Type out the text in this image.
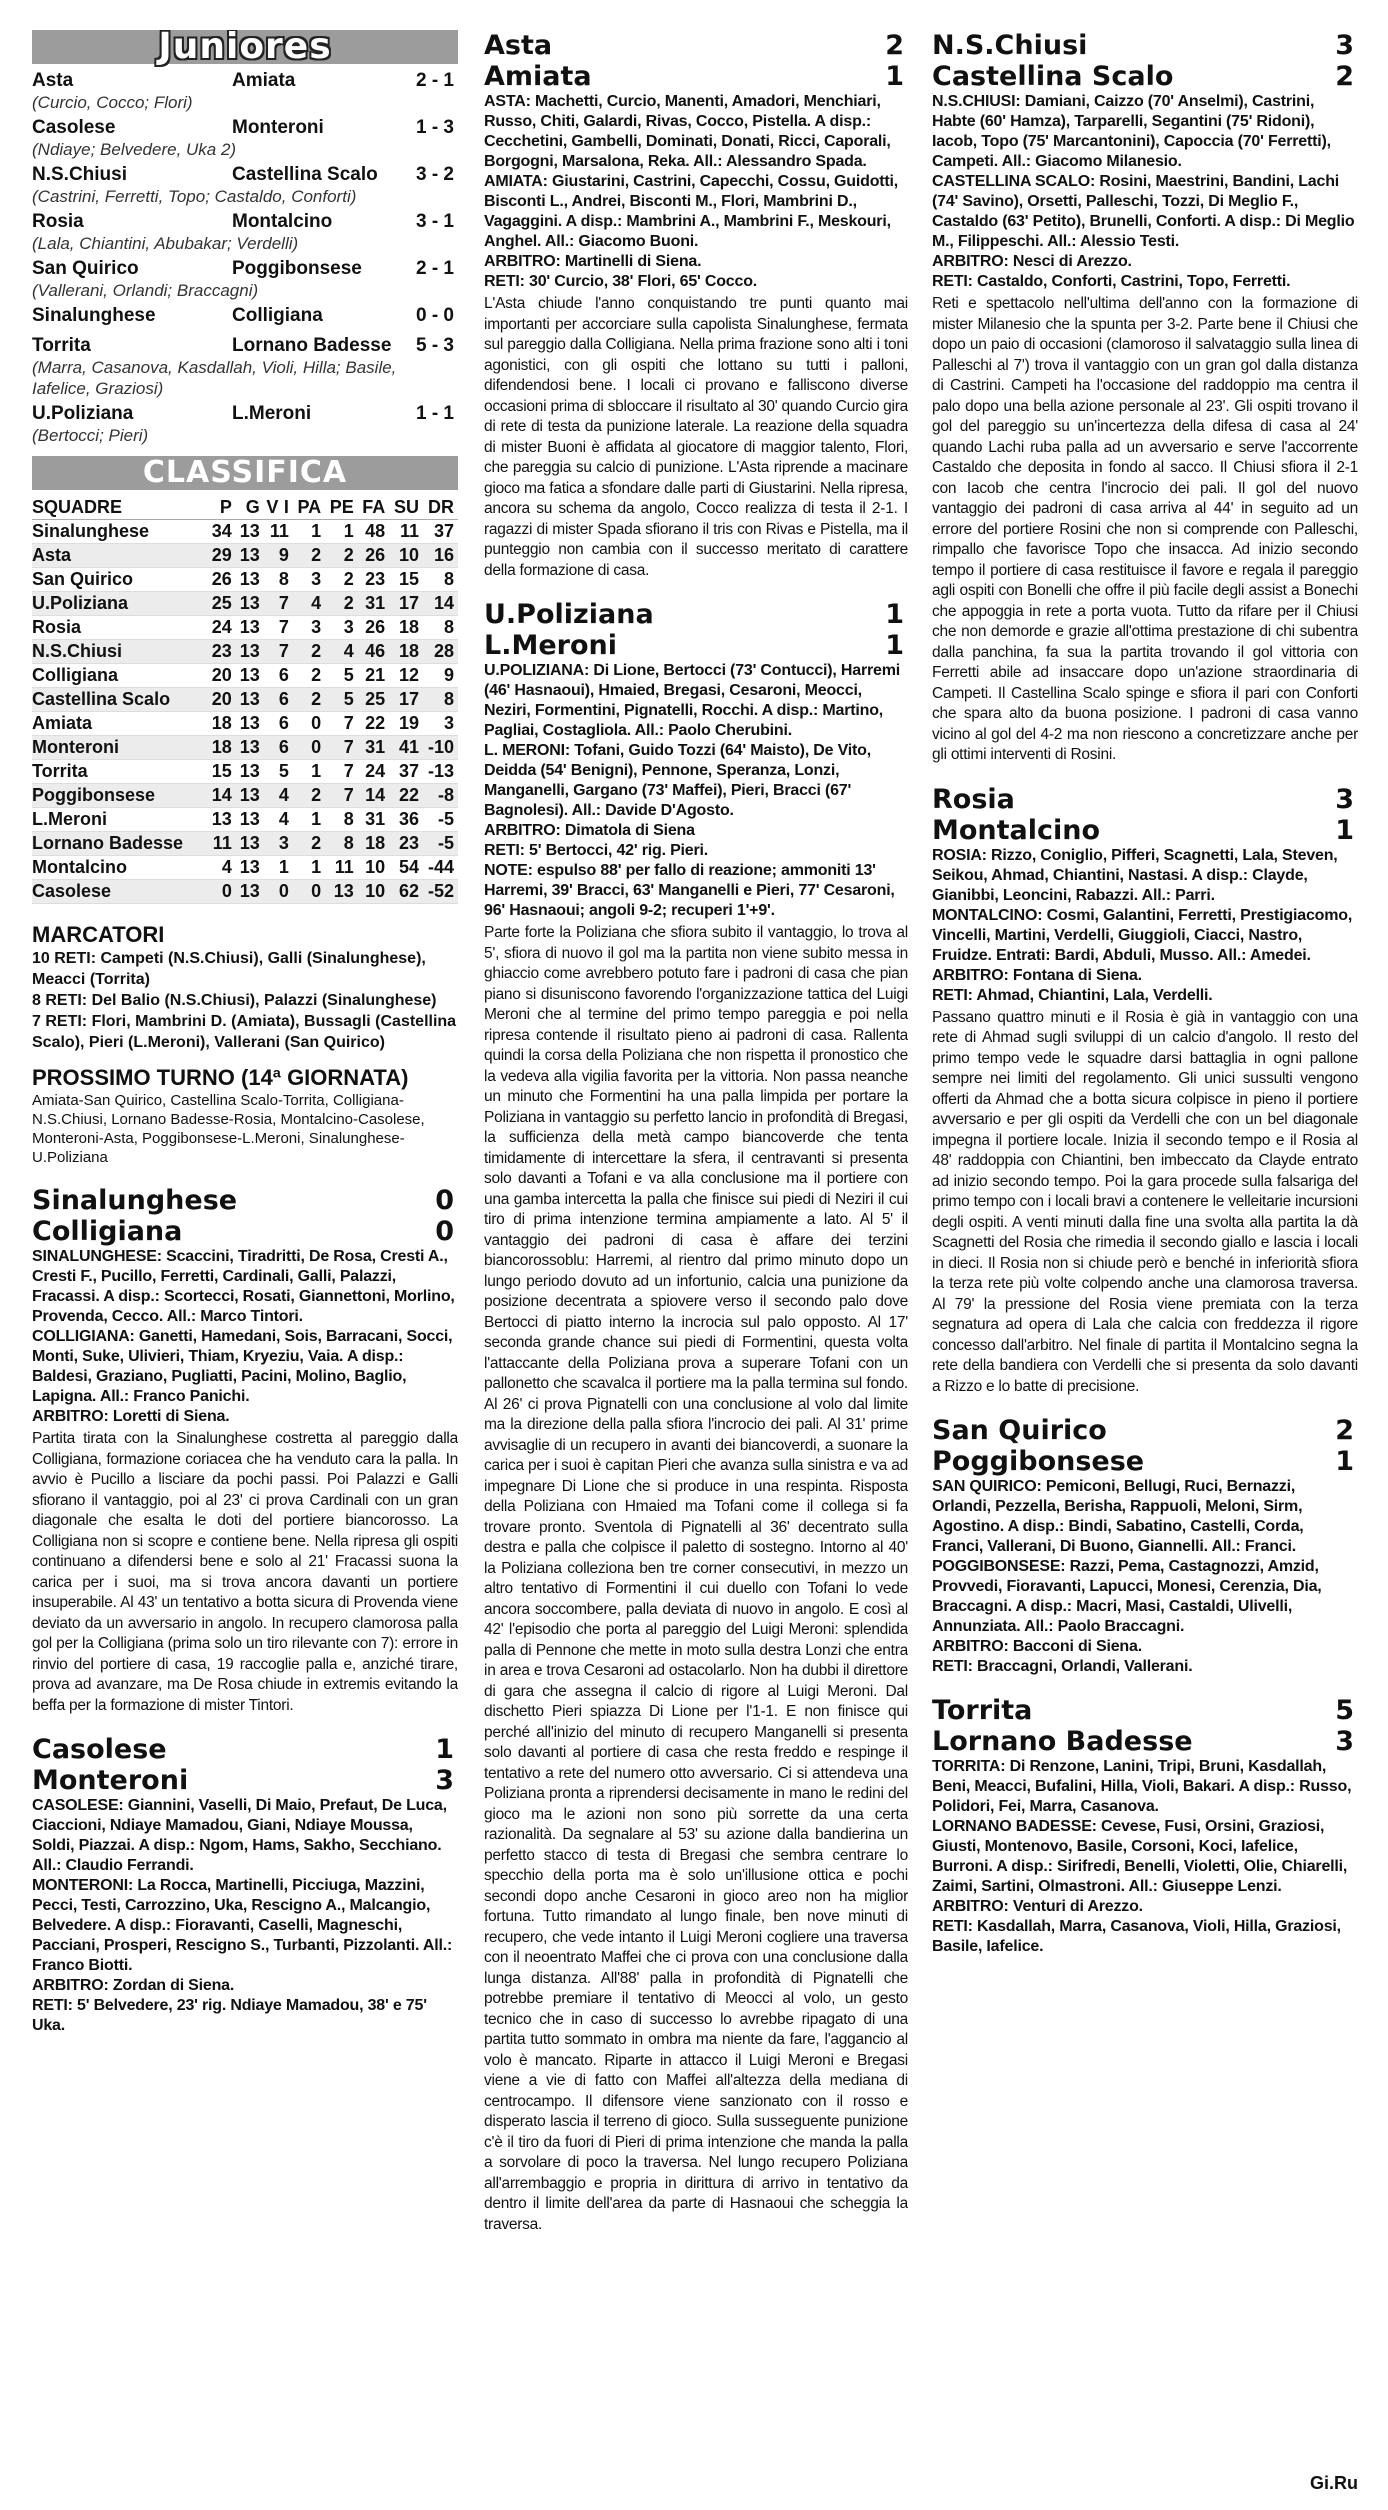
Juniores
Asta	Amiata	2 - 1
(Curcio, Cocco; Flori)
Casolese	Monteroni	1 - 3
(Ndiaye; Belvedere, Uka 2)
N.S.Chiusi	Castellina Scalo 3 - 2
(Castrini, Ferretti, Topo; Castaldo, Conforti)
Rosia	Montalcino	3 - 1
(Lala, Chiantini, Abubakar; Verdelli)
San Quirico	Poggibonsese	2 - 1
(Vallerani, Orlandi; Braccagni)
Sinalunghese	Colligiana	0 - 0
Torrita	Lornano Badesse 5 - 3
(Marra, Casanova, Kasdallah, Violi, Hilla; Basile, Iafelice, Graziosi)
U.Poliziana	L.Meroni	1 - 1
(Bertocci; Pieri)
CLASSIFICA
SQUADRE	P	G	V	I	PA	PE	FA	SU	DR
Sinalunghese	34	13	11		1	1	48	11	37
Asta	29	13	9		2	2	26	10	16
San Quirico	26	13	8		3	2	23	15	8
U.Poliziana	25	13	7		4	2	31	17	14
Rosia	24	13	7		3	3	26	18	8
N.S.Chiusi	23	13	7		2	4	46	18	28
Colligiana	20	13	6		2	5	21	12	9
Castellina Scalo	20	13	6		2	5	25	17	8
Amiata	18	13	6		0	7	22	19	3
Monteroni	18	13	6		0	7	31	41	-10
Torrita	15	13	5		1	7	24	37	-13
Poggibonsese	14	13	4		2	7	14	22	-8
L.Meroni	13	13	4		1	8	31	36	-5
Lornano Badesse	11	13	3		2	8	18	23	-5
Montalcino	4	13	1		1	11	10	54	-44
Casolese	0	13	0		0	13	10	62	-52
MARCATORI
10 RETI: Campeti (N.S.Chiusi), Galli (Sinalunghese), Meacci (Torrita)
8 RETI: Del Balio (N.S.Chiusi), Palazzi (Sinalunghese)
7 RETI: Flori, Mambrini D. (Amiata), Bussagli (Castellina Scalo), Pieri (L.Meroni), Vallerani (San Quirico)
PROSSIMO TURNO (14ª GIORNATA)
Amiata-San Quirico, Castellina Scalo-Torrita, Colligiana-N.S.Chiusi, Lornano Badesse-Rosia, Montalcino-Casolese, Monteroni-Asta, Poggibonsese-L.Meroni, Sinalunghese-U.Poliziana
Sinalunghese	0
Colligiana	0
SINALUNGHESE: Scaccini, Tiradritti, De Rosa, Cresti A., Cresti F., Pucillo, Ferretti, Cardinali, Galli, Palazzi, Fracassi. A disp.: Scortecci, Rosati, Giannettoni, Morlino, Provenda, Cecco. All.: Marco Tintori.
COLLIGIANA: Ganetti, Hamedani, Sois, Barracani, Socci, Monti, Suke, Ulivieri, Thiam, Kryeziu, Vaia. A disp.: Baldesi, Graziano, Pugliatti, Pacini, Molino, Baglio, Lapigna. All.: Franco Panichi.
ARBITRO: Loretti di Siena.
Partita tirata con la Sinalunghese costretta al pareggio dalla Colligiana, formazione coriacea che ha venduto cara la palla. In avvio è Pucillo a lisciare da pochi passi. Poi Palazzi e Galli sfiorano il vantaggio, poi al 23' ci prova Cardinali con un gran diagonale che esalta le doti del portiere biancorosso. La Colligiana non si scopre e contiene bene. Nella ripresa gli ospiti continuano a difendersi bene e solo al 21' Fracassi suona la carica per i suoi, ma si trova ancora davanti un portiere insuperabile. Al 43' un tentativo a botta sicura di Provenda viene deviato da un avversario in angolo. In recupero clamorosa palla gol per la Colligiana (prima solo un tiro rilevante con 7): errore in rinvio del portiere di casa, 19 raccoglie palla e, anziché tirare, prova ad avanzare, ma De Rosa chiude in extremis evitando la beffa per la formazione di mister Tintori.
Casolese	1
Monteroni	3
CASOLESE: Giannini, Vaselli, Di Maio, Prefaut, De Luca, Ciaccioni, Ndiaye Mamadou, Giani, Ndiaye Moussa, Soldi, Piazzai. A disp.: Ngom, Hams, Sakho, Secchiano. All.: Claudio Ferrandi.
MONTERONI: La Rocca, Martinelli, Picciuga, Mazzini, Pecci, Testi, Carrozzino, Uka, Rescigno A., Malcangio, Belvedere. A disp.: Fioravanti, Caselli, Magneschi, Pacciani, Prosperi, Rescigno S., Turbanti, Pizzolanti. All.: Franco Biotti.
ARBITRO: Zordan di Siena.
RETI: 5' Belvedere, 23' rig. Ndiaye Mamadou, 38' e 75' Uka.
Asta	2
Amiata	1
ASTA: Machetti, Curcio, Manenti, Amadori, Menchiari, Russo, Chiti, Galardi, Rivas, Cocco, Pistella. A disp.: Cecchetini, Gambelli, Dominati, Donati, Ricci, Caporali, Borgogni, Marsalona, Reka. All.: Alessandro Spada.
AMIATA: Giustarini, Castrini, Capecchi, Cossu, Guidotti, Bisconti L., Andrei, Bisconti M., Flori, Mambrini D., Vagaggini. A disp.: Mambrini A., Mambrini F., Meskouri, Anghel. All.: Giacomo Buoni.
ARBITRO: Martinelli di Siena.
RETI: 30' Curcio, 38' Flori, 65' Cocco.
L'Asta chiude l'anno conquistando tre punti quanto mai importanti per accorciare sulla capolista Sinalunghese, fermata sul pareggio dalla Colligiana. Nella prima frazione sono alti i toni agonistici, con gli ospiti che lottano su tutti i palloni, difendendosi bene. I locali ci provano e falliscono diverse occasioni prima di sbloccare il risultato al 30' quando Curcio gira di rete di testa da punizione laterale. La reazione della squadra di mister Buoni è affidata al giocatore di maggior talento, Flori, che pareggia su calcio di punizione. L'Asta riprende a macinare gioco ma fatica a sfondare dalle parti di Giustarini. Nella ripresa, ancora su schema da angolo, Cocco realizza di testa il 2-1. I ragazzi di mister Spada sfiorano il tris con Rivas e Pistella, ma il punteggio non cambia con il successo meritato di carattere della formazione di casa.
U.Poliziana	1
L.Meroni	1
U.POLIZIANA: Di Lione, Bertocci (73' Contucci), Harremi (46' Hasnaoui), Hmaied, Bregasi, Cesaroni, Meocci, Neziri, Formentini, Pignatelli, Rocchi. A disp.: Martino, Pagliai, Costagliola. All.: Paolo Cherubini.
L. MERONI: Tofani, Guido Tozzi (64' Maisto), De Vito, Deidda (54' Benigni), Pennone, Speranza, Lonzi, Manganelli, Gargano (73' Maffei), Pieri, Bracci (67' Bagnolesi). All.: Davide D'Agosto.
ARBITRO: Dimatola di Siena
RETI: 5' Bertocci, 42' rig. Pieri.
NOTE: espulso 88' per fallo di reazione; ammoniti 13' Harremi, 39' Bracci, 63' Manganelli e Pieri, 77' Cesaroni, 96' Hasnaoui; angoli 9-2; recuperi 1'+9'.
Parte forte la Poliziana che sfiora subito il vantaggio, lo trova al 5', sfiora di nuovo il gol ma la partita non viene subito messa in ghiaccio come avrebbero potuto fare i padroni di casa che pian piano si disuniscono favorendo l'organizzazione tattica del Luigi Meroni che al termine del primo tempo pareggia e poi nella ripresa contende il risultato pieno ai padroni di casa. Rallenta quindi la corsa della Poliziana che non rispetta il pronostico che la vedeva alla vigilia favorita per la vittoria. Non passa neanche un minuto che Formentini ha una palla limpida per portare la Poliziana in vantaggio su perfetto lancio in profondità di Bregasi, la sufficienza della metà campo biancoverde che tenta timidamente di intercettare la sfera, il centravanti si presenta solo davanti a Tofani e va alla conclusione ma il portiere con una gamba intercetta la palla che finisce sui piedi di Neziri il cui tiro di prima intenzione termina ampiamente a lato. Al 5' il vantaggio dei padroni di casa è affare dei terzini biancorossoblu: Harremi, al rientro dal primo minuto dopo un lungo periodo dovuto ad un infortunio, calcia una punizione da posizione decentrata a spiovere verso il secondo palo dove Bertocci di piatto interno la incrocia sul palo opposto. Al 17' seconda grande chance sui piedi di Formentini, questa volta l'attaccante della Poliziana prova a superare Tofani con un pallonetto che scavalca il portiere ma la palla termina sul fondo. Al 26' ci prova Pignatelli con una conclusione al volo dal limite ma la direzione della palla sfiora l'incrocio dei pali. Al 31' prime avvisaglie di un recupero in avanti dei biancoverdi, a suonare la carica per i suoi è capitan Pieri che avanza sulla sinistra e va ad impegnare Di Lione che si produce in una respinta. Risposta della Poliziana con Hmaied ma Tofani come il collega si fa trovare pronto. Sventola di Pignatelli al 36' decentrato sulla destra e palla che colpisce il paletto di sostegno. Intorno al 40' la Poliziana colleziona ben tre corner consecutivi, in mezzo un altro tentativo di Formentini il cui duello con Tofani lo vede ancora soccombere, palla deviata di nuovo in angolo. E così al 42' l'episodio che porta al pareggio del Luigi Meroni: splendida palla di Pennone che mette in moto sulla destra Lonzi che entra in area e trova Cesaroni ad ostacolarlo. Non ha dubbi il direttore di gara che assegna il calcio di rigore al Luigi Meroni. Dal dischetto Pieri spiazza Di Lione per l'1-1. E non finisce qui perché all'inizio del minuto di recupero Manganelli si presenta solo davanti al portiere di casa che resta freddo e respinge il tentativo a rete del numero otto avversario. Ci si attendeva una Poliziana pronta a riprendersi decisamente in mano le redini del gioco ma le azioni non sono più sorrette da una certa razionalità. Da segnalare al 53' su azione dalla bandierina un perfetto stacco di testa di Bregasi che sembra centrare lo specchio della porta ma è solo un'illusione ottica e pochi secondi dopo anche Cesaroni in gioco areo non ha miglior fortuna. Tutto rimandato al lungo finale, ben nove minuti di recupero, che vede intanto il Luigi Meroni cogliere una traversa con il neoentrato Maffei che ci prova con una conclusione dalla lunga distanza. All'88' palla in profondità di Pignatelli che potrebbe premiare il tentativo di Meocci al volo, un gesto tecnico che in caso di successo lo avrebbe ripagato di una partita tutto sommato in ombra ma niente da fare, l'aggancio al volo è mancato. Riparte in attacco il Luigi Meroni e Bregasi viene a vie di fatto con Maffei all'altezza della mediana di centrocampo. Il difensore viene sanzionato con il rosso e disperato lascia il terreno di gioco. Sulla susseguente punizione c'è il tiro da fuori di Pieri di prima intenzione che manda la palla a sorvolare di poco la traversa. Nel lungo recupero Poliziana all'arrembaggio e propria in dirittura di arrivo in tentativo da dentro il limite dell'area da parte di Hasnaoui che scheggia la traversa.
N.S.Chiusi	3
Castellina Scalo	2
N.S.CHIUSI: Damiani, Caizzo (70' Anselmi), Castrini, Habte (60' Hamza), Tarparelli, Segantini (75' Ridoni), Iacob, Topo (75' Marcantonini), Capoccia (70' Ferretti), Campeti. All.: Giacomo Milanesio.
CASTELLINA SCALO: Rosini, Maestrini, Bandini, Lachi (74' Savino), Orsetti, Palleschi, Tozzi, Di Meglio F., Castaldo (63' Petito), Brunelli, Conforti. A disp.: Di Meglio M., Filippeschi. All.: Alessio Testi.
ARBITRO: Nesci di Arezzo.
RETI: Castaldo, Conforti, Castrini, Topo, Ferretti.
Reti e spettacolo nell'ultima dell'anno con la formazione di mister Milanesio che la spunta per 3-2. Parte bene il Chiusi che dopo un paio di occasioni (clamoroso il salvataggio sulla linea di Palleschi al 7') trova il vantaggio con un gran gol dalla distanza di Castrini. Campeti ha l'occasione del raddoppio ma centra il palo dopo una bella azione personale al 23'. Gli ospiti trovano il gol del pareggio su un'incertezza della difesa di casa al 24' quando Lachi ruba palla ad un avversario e serve l'accorrente Castaldo che deposita in fondo al sacco. Il Chiusi sfiora il 2-1 con Iacob che centra l'incrocio dei pali. Il gol del nuovo vantaggio dei padroni di casa arriva al 44' in seguito ad un errore del portiere Rosini che non si comprende con Palleschi, rimpallo che favorisce Topo che insacca. Ad inizio secondo tempo il portiere di casa restituisce il favore e regala il pareggio agli ospiti con Bonelli che offre il più facile degli assist a Bonechi che appoggia in rete a porta vuota. Tutto da rifare per il Chiusi che non demorde e grazie all'ottima prestazione di chi subentra dalla panchina, fa sua la partita trovando il gol vittoria con Ferretti abile ad insaccare dopo un'azione straordinaria di Campeti. Il Castellina Scalo spinge e sfiora il pari con Conforti che spara alto da buona posizione. I padroni di casa vanno vicino al gol del 4-2 ma non riescono a concretizzare anche per gli ottimi interventi di Rosini.
Rosia	3
Montalcino	1
ROSIA: Rizzo, Coniglio, Pifferi, Scagnetti, Lala, Steven, Seikou, Ahmad, Chiantini, Nastasi. A disp.: Clayde, Gianibbi, Leoncini, Rabazzi. All.: Parri.
MONTALCINO: Cosmi, Galantini, Ferretti, Prestigiacomo, Vincelli, Martini, Verdelli, Giuggioli, Ciacci, Nastro, Fruidze. Entrati: Bardi, Abduli, Musso. All.: Amedei.
ARBITRO: Fontana di Siena.
RETI: Ahmad, Chiantini, Lala, Verdelli.
Passano quattro minuti e il Rosia è già in vantaggio con una rete di Ahmad sugli sviluppi di un calcio d'angolo. Il resto del primo tempo vede le squadre darsi battaglia in ogni pallone sempre nei limiti del regolamento. Gli unici sussulti vengono offerti da Ahmad che a botta sicura colpisce in pieno il portiere avversario e per gli ospiti da Verdelli che con un bel diagonale impegna il portiere locale. Inizia il secondo tempo e il Rosia al 48' raddoppia con Chiantini, ben imbeccato da Clayde entrato ad inizio secondo tempo. Poi la gara procede sulla falsariga del primo tempo con i locali bravi a contenere le velleitarie incursioni degli ospiti. A venti minuti dalla fine una svolta alla partita la dà Scagnetti del Rosia che rimedia il secondo giallo e lascia i locali in dieci. Il Rosia non si chiude però e benché in inferiorità sfiora la terza rete più volte colpendo anche una clamorosa traversa. Al 79' la pressione del Rosia viene premiata con la terza segnatura ad opera di Lala che calcia con freddezza il rigore concesso dall'arbitro. Nel finale di partita il Montalcino segna la rete della bandiera con Verdelli che si presenta da solo davanti a Rizzo e lo batte di precisione.
San Quirico	2
Poggibonsese	1
SAN QUIRICO: Pemiconi, Bellugi, Ruci, Bernazzi, Orlandi, Pezzella, Berisha, Rappuoli, Meloni, Sirm, Agostino. A disp.: Bindi, Sabatino, Castelli, Corda, Franci, Vallerani, Di Buono, Giannelli. All.: Franci.
POGGIBONSESE: Razzi, Pema, Castagnozzi, Amzid, Provvedi, Fioravanti, Lapucci, Monesi, Cerenzia, Dia, Braccagni. A disp.: Macri, Masi, Castaldi, Ulivelli, Annunziata. All.: Paolo Braccagni.
ARBITRO: Bacconi di Siena.
RETI: Braccagni, Orlandi, Vallerani.
Torrita	5
Lornano Badesse	3
TORRITA: Di Renzone, Lanini, Tripi, Bruni, Kasdallah, Beni, Meacci, Bufalini, Hilla, Violi, Bakari. A disp.: Russo, Polidori, Fei, Marra, Casanova.
LORNANO BADESSE: Cevese, Fusi, Orsini, Graziosi, Giusti, Montenovo, Basile, Corsoni, Koci, Iafelice, Burroni. A disp.: Sirifredi, Benelli, Violetti, Olie, Chiarelli, Zaimi, Sartini, Olmastroni. All.: Giuseppe Lenzi.
ARBITRO: Venturi di Arezzo.
RETI: Kasdallah, Marra, Casanova, Violi, Hilla, Graziosi, Basile, Iafelice.
Gi.Ru
